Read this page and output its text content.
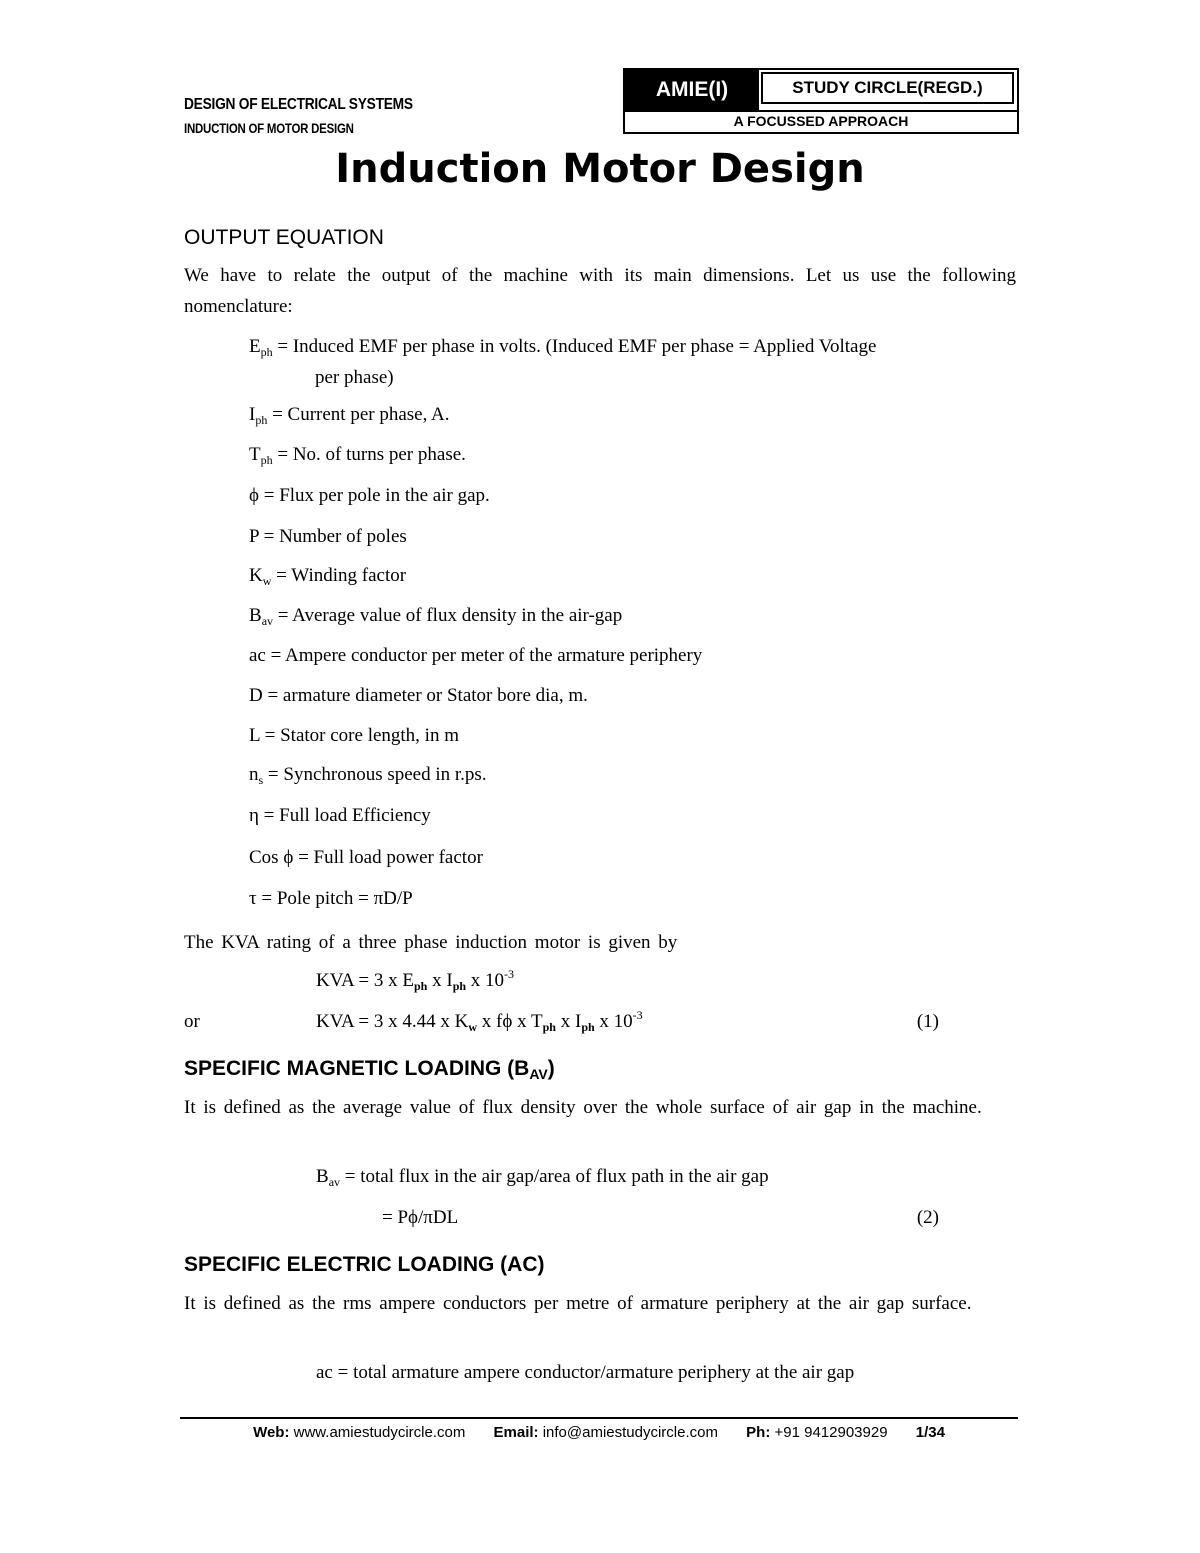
DESIGN OF ELECTRICAL SYSTEMS
INDUCTION OF MOTOR DESIGN
AMIE(I)	STUDY CIRCLE(REGD.)
A FOCUSSED APPROACH
Induction Motor Design
OUTPUT EQUATION
We have to relate the output of the machine with its main dimensions. Let us use the following nomenclature:
$E_{ph}$ = Induced EMF per phase in volts. (Induced EMF per phase = Applied Voltage
per phase)
$I_{ph}$ = Current per phase, A.
$T_{ph} = No$. of turns per phase.
ϕ = Flux per pole in the air gap.
P = Number of poles
$K_w$ = Winding factor
$B_{av}$ = Average value of flux density in the air-gap
ac = Ampere conductor per meter of the armature periphery
D = armature diameter or Stator bore dia, m.
L = Stator core length, in m
$n_s$ = Synchronous speed in r.ps.
η = Full load Efficiency
Cos ϕ = Full load power factor
τ = Pole pitch = πD/P
The KVA rating of a three phase induction motor is given by
KVA = 3 x $E_{ph}$ x $I_{ph}$ x $10^{-3}$
or	KVA = 3 x 4.44 x $K_w$ x fϕ x $T_{ph}$ x $I_{ph}$ x $10^{-3}$	(1)
SPECIFIC MAGNETIC LOADING $(B_{AV})$
It is defined as the average value of flux density over the whole surface of air gap in the machine.
$B_{av}$ = total flux in the air gap/area of flux path in the air gap
= Pϕ/πDL	(2)
SPECIFIC ELECTRIC LOADING (AC)
It is defined as the rms ampere conductors per metre of armature periphery at the air gap surface.
ac = total armature ampere conductor/armature periphery at the air gap
Web: www.amiestudycircle.com Email: info@amiestudycircle.com Ph: +91 9412903929 1/34
